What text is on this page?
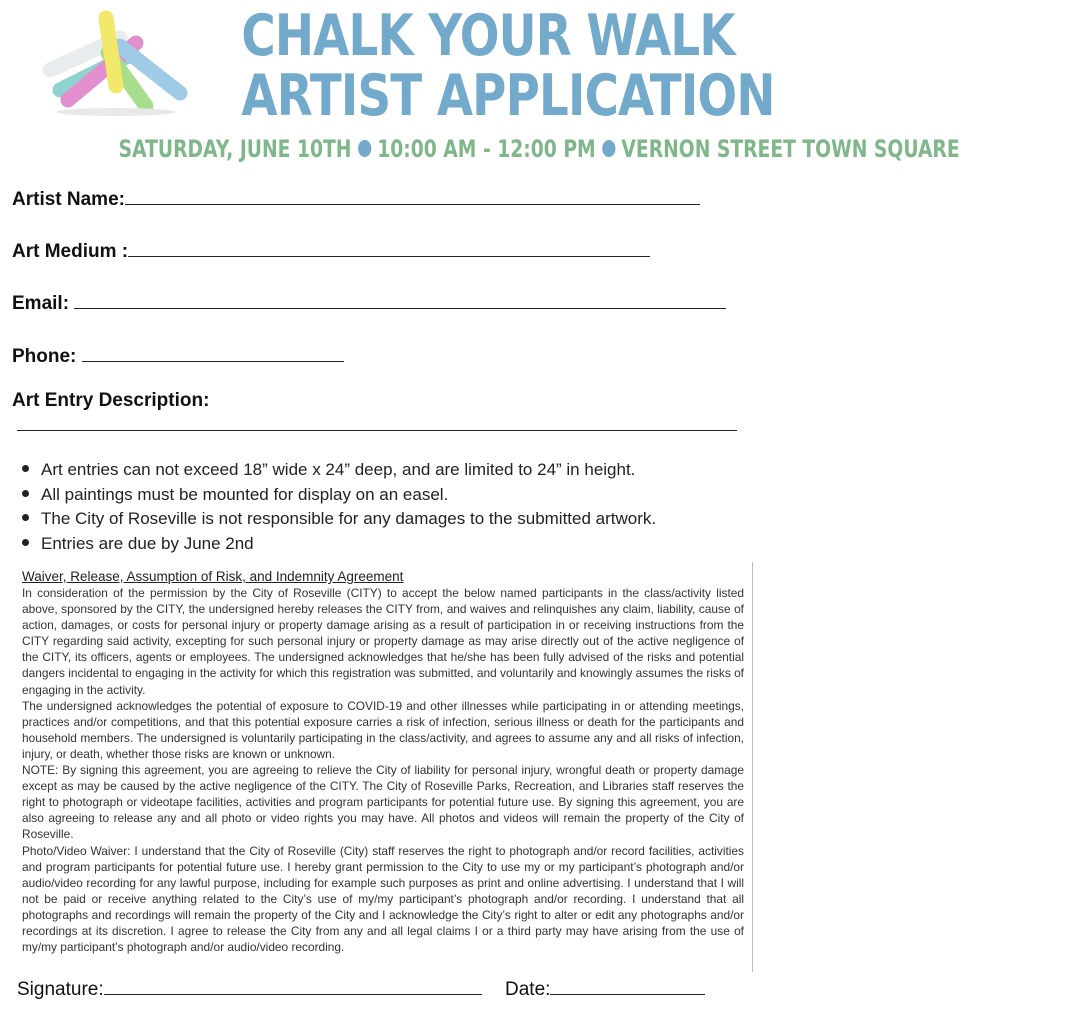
CHALK YOUR WALK
ARTIST APPLICATION
SATURDAY, JUNE 10TH 10:00 AM - 12:00 PM VERNON STREET TOWN SQUARE
Artist Name:
Art Medium :
Email:
Phone:
Art Entry Description:
Art entries can not exceed 18” wide x 24” deep, and are limited to 24” in height.
All paintings must be mounted for display on an easel.
The City of Roseville is not responsible for any damages to the submitted artwork.
Entries are due by June 2nd
Waiver, Release, Assumption of Risk, and Indemnity Agreement

In consideration of the permission by the City of Roseville (CITY) to accept the below named participants in the class/activity listed above, sponsored by the CITY, the undersigned hereby releases the CITY from, and waives and relinquishes any claim, liability, cause of action, damages, or costs for personal injury or property damage arising as a result of participation in or receiving instructions from the CITY regarding said activity, excepting for such personal injury or property damage as may arise directly out of the active negligence of the CITY, its officers, agents or employees. The undersigned acknowledges that he/she has been fully advised of the risks and potential dangers incidental to engaging in the activity for which this registration was submitted, and voluntarily and knowingly assumes the risks of engaging in the activity.

The undersigned acknowledges the potential of exposure to COVID-19 and other illnesses while participating in or attending meetings, practices and/or competitions, and that this potential exposure carries a risk of infection, serious illness or death for the participants and household members. The undersigned is voluntarily participating in the class/activity, and agrees to assume any and all risks of infection, injury, or death, whether those risks are known or unknown.

NOTE: By signing this agreement, you are agreeing to relieve the City of liability for personal injury, wrongful death or property damage except as may be caused by the active negligence of the CITY. The City of Roseville Parks, Recreation, and Libraries staff reserves the right to photograph or videotape facilities, activities and program participants for potential future use. By signing this agreement, you are also agreeing to release any and all photo or video rights you may have. All photos and videos will remain the property of the City of Roseville.

Photo/Video Waiver: I understand that the City of Roseville (City) staff reserves the right to photograph and/or record facilities, activities and program participants for potential future use. I hereby grant permission to the City to use my or my participant’s photograph and/or audio/video recording for any lawful purpose, including for example such purposes as print and online advertising. I understand that I will not be paid or receive anything related to the City’s use of my/my participant’s photograph and/or recording. I understand that all photographs and recordings will remain the property of the City and I acknowledge the City’s right to alter or edit any photographs and/or recordings at its discretion. I agree to release the City from any and all legal claims I or a third party may have arising from the use of my/my participant’s photograph and/or audio/video recording.

Signature:	Date:
